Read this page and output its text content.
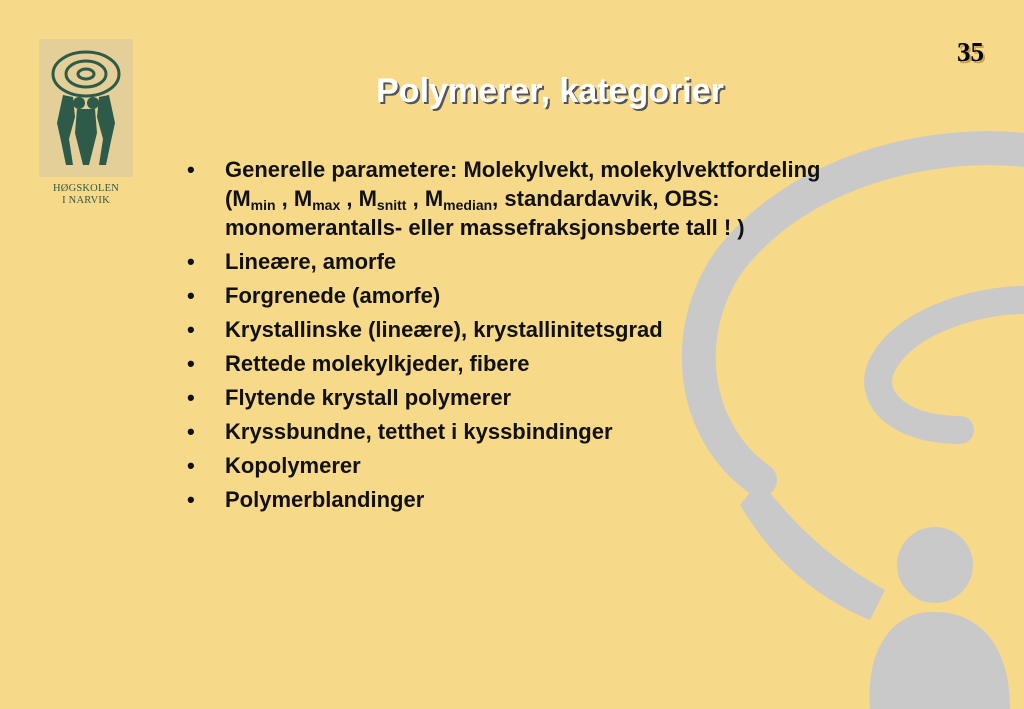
HØGSKOLEN
I NARVIK
35
Polymerer, kategorier
• Generelle parametere: Molekylvekt, molekylvektfordeling ($M_{min}$ , $M_{max}$ , $M_{snitt}$ , $M_{median}$, standardavvik, OBS: monomerantalls- eller massefraksjonsberte tall ! )
• Lineære, amorfe
• Forgrenede (amorfe)
• Krystallinske (lineære), krystallinitetsgrad
• Rettede molekylkjeder, fibere
• Flytende krystall polymerer
• Kryssbundne, tetthet i kyssbindinger
• Kopolymerer
• Polymerblandinger
